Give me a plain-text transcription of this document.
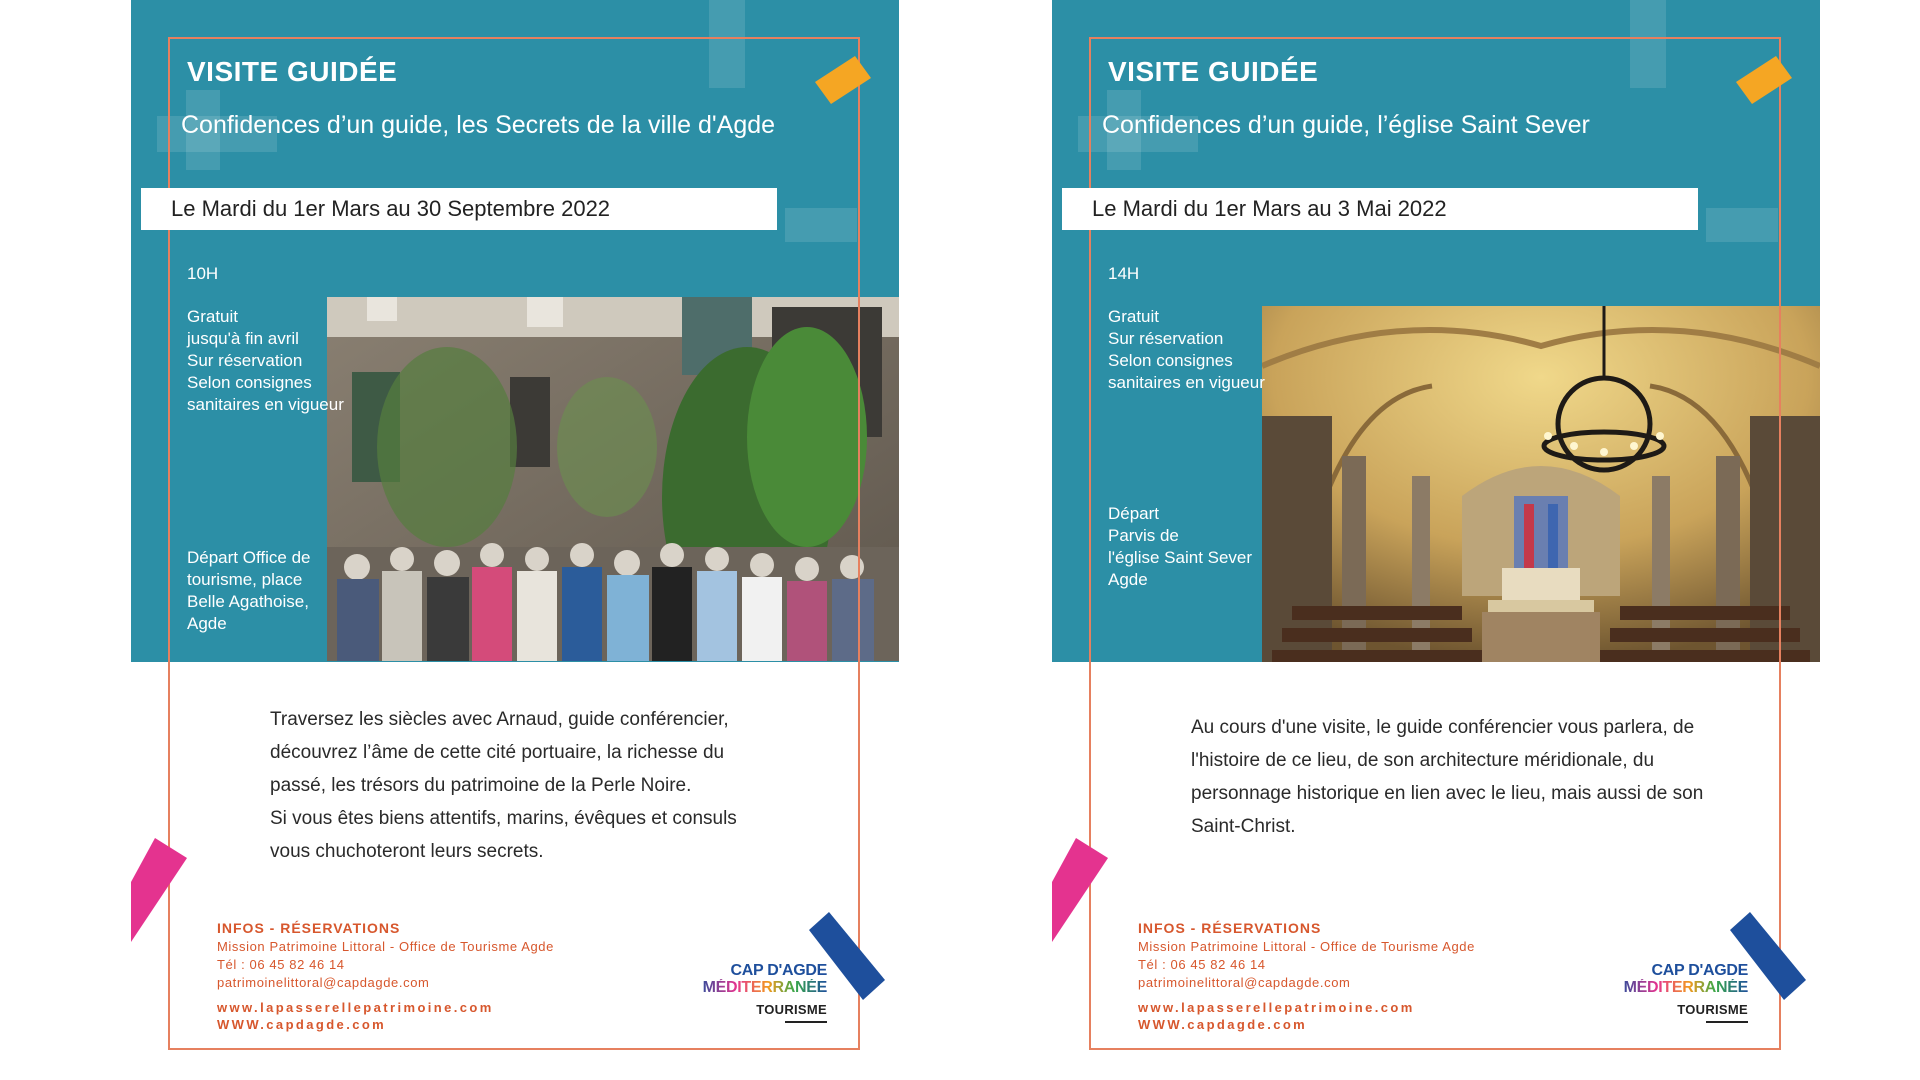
VISITE GUIDÉE
Confidences d’un guide, les Secrets de la ville d'Agde
Le Mardi du 1er Mars au 30 Septembre 2022
10H
Gratuit
jusqu'à fin avril
Sur réservation
Selon consignes
sanitaires en vigueur
Départ Office de
tourisme, place
Belle Agathoise,
Agde
Traversez les siècles avec Arnaud, guide conférencier,
découvrez l’âme de cette cité portuaire, la richesse du
passé, les trésors du patrimoine de la Perle Noire.
Si vous êtes biens attentifs, marins, évêques et consuls
vous chuchoteront leurs secrets.
INFOS - RÉSERVATIONS
Mission Patrimoine Littoral - Office de Tourisme Agde
Tél : 06 45 82 46 14
patrimoinelittoral@capdagde.com
www.lapasserellepatrimoine.com
WWW.capdagde.com
CAP D'AGDE
MÉDITERRANÉE
TOURISME
VISITE GUIDÉE
Confidences d’un guide, l’église Saint Sever
Le Mardi du 1er Mars au 3 Mai 2022
14H
Gratuit
Sur réservation
Selon consignes
sanitaires en vigueur
Départ
Parvis de
l'église Saint Sever
Agde
Au cours d'une visite, le guide conférencier vous parlera, de
l'histoire de ce lieu, de son architecture méridionale, du
personnage historique en lien avec le lieu, mais aussi de son
Saint-Christ.
INFOS - RÉSERVATIONS
Mission Patrimoine Littoral - Office de Tourisme Agde
Tél : 06 45 82 46 14
patrimoinelittoral@capdagde.com
www.lapasserellepatrimoine.com
WWW.capdagde.com
CAP D'AGDE
MÉDITERRANÉE
TOURISME
